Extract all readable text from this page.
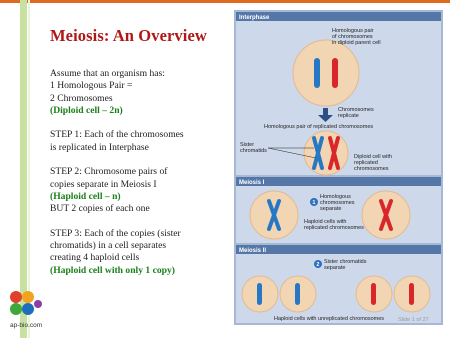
Meiosis: An Overview
Assume that an organism has:
1 Homologous Pair =
2 Chromosomes
(Diploid cell – 2n)
STEP 1: Each of the chromosomes
is replicated in Interphase
STEP 2: Chromosome pairs of
copies separate in Meiosis I
(Haploid cell – n)
BUT 2 copies of each one
STEP 3: Each of the copies (sister
chromatids) in a cell separates
creating 4 haploid cells
(Haploid cell with only 1 copy)
ap-bio.com
Interphase
Meiosis I
Meiosis II
Homologous pair of chromosomes in diploid parent cell
Chromosomes replicate
Homologous pair of replicated chromosomes
Sister chromatids
Diploid cell with replicated chromosomes
1
Homologous chromosomes separate
Haploid cells with replicated chromosomes
2
Sister chromatids separate
Haploid cells with unreplicated chromosomes	Slide 1 of 27
